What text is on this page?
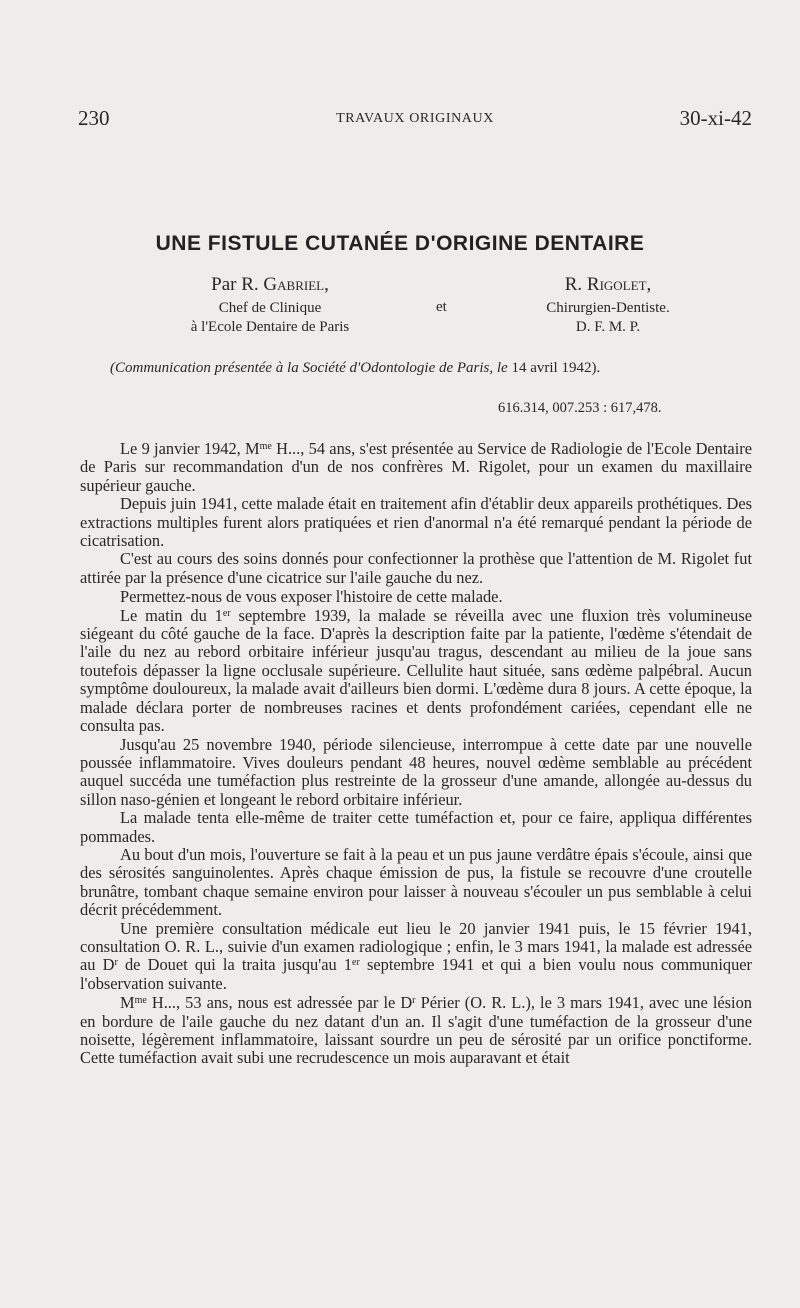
230	TRAVAUX ORIGINAUX	30-xi-42
UNE FISTULE CUTANÉE D'ORIGINE DENTAIRE
Par R. Gabriel,
Chef de Clinique
à l'Ecole Dentaire de Paris
et
R. Rigolet,
Chirurgien-Dentiste.
D. F. M. P.
(Communication présentée à la Société d'Odontologie de Paris, le 14 avril 1942).
616.314, 007.253 : 617,478.

Le 9 janvier 1942, $M^{me}$ H..., 54 ans, s'est présentée au Service de Radiologie de l'Ecole Dentaire de Paris sur recommandation d'un de nos confrères M. Rigolet, pour un examen du maxillaire supérieur gauche.

Depuis juin 1941, cette malade était en traitement afin d'établir deux appareils prothétiques. Des extractions multiples furent alors pratiquées et rien d'anormal n'a été remarqué pendant la période de cicatrisation.

C'est au cours des soins donnés pour confectionner la prothèse que l'attention de M. Rigolet fut attirée par la présence d'une cicatrice sur l'aile gauche du nez.

Permettez-nous de vous exposer l'histoire de cette malade.

Le matin du 1er septembre 1939, la malade se réveilla avec une fluxion très volumineuse siégeant du côté gauche de la face. D'après la description faite par la patiente, l'œdème s'étendait de l'aile du nez au rebord orbitaire inférieur jusqu'au tragus, descendant au milieu de la joue sans toutefois dépasser la ligne occlusale supérieure. Cellulite haut située, sans œdème palpébral. Aucun symptôme douloureux, la malade avait d'ailleurs bien dormi. L'œdème dura 8 jours. A cette époque, la malade déclara porter de nombreuses racines et dents profondément cariées, cependant elle ne consulta pas.

Jusqu'au 25 novembre 1940, période silencieuse, interrompue à cette date par une nouvelle poussée inflammatoire. Vives douleurs pendant 48 heures, nouvel œdème semblable au précédent auquel succéda une tuméfaction plus restreinte de la grosseur d'une amande, allongée au-dessus du sillon naso-génien et longeant le rebord orbitaire inférieur.

La malade tenta elle-même de traiter cette tuméfaction et, pour ce faire, appliqua différentes pommades.

Au bout d'un mois, l'ouverture se fait à la peau et un pus jaune verdâtre épais s'écoule, ainsi que des sérosités sanguinolentes. Après chaque émission de pus, la fistule se recouvre d'une croutelle brunâtre, tombant chaque semaine environ pour laisser à nouveau s'écouler un pus semblable à celui décrit précédemment.

Une première consultation médicale eut lieu le 20 janvier 1941 puis, le 15 février 1941, consultation O. R. L., suivie d'un examen radiologique ; enfin, le 3 mars 1941, la malade est adressée au $D^r$ de Douet qui la traita jusqu'au 1er septembre 1941 et qui a bien voulu nous communiquer l'observation suivante.

$M^{me}$ H..., 53 ans, nous est adressée par le $D^r$ Périer (O. R. L.), le 3 mars 1941, avec une lésion en bordure de l'aile gauche du nez datant d'un an. Il s'agit d'une tuméfaction de la grosseur d'une noisette, légèrement inflammatoire, laissant sourdre un peu de sérosité par un orifice ponctiforme. Cette tuméfaction avait subi une recrudescence un mois auparavant et était
